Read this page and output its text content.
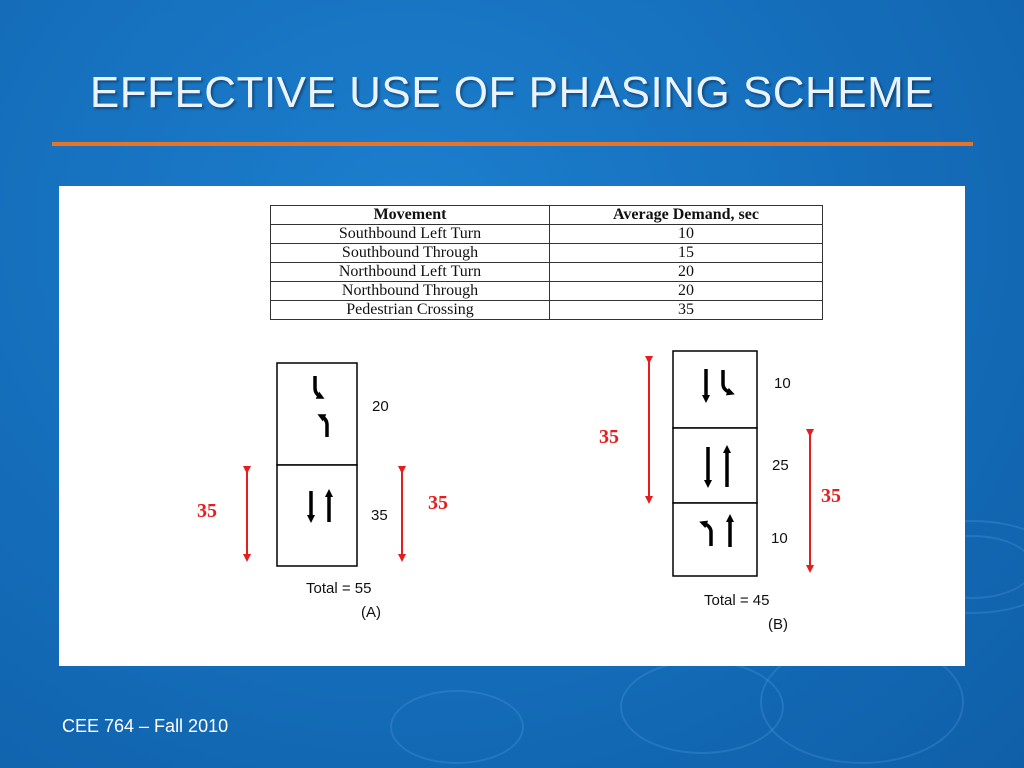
EFFECTIVE USE OF PHASING SCHEME
Movement	Average Demand, sec
Southbound Left Turn	10
Southbound Through	15
Northbound Left Turn	20
Northbound Through	20
Pedestrian Crossing	35
20
35
35	35
Total = 55
(A)
10
25
10
35
35
Total = 45
(B)
CEE 764 – Fall 2010
